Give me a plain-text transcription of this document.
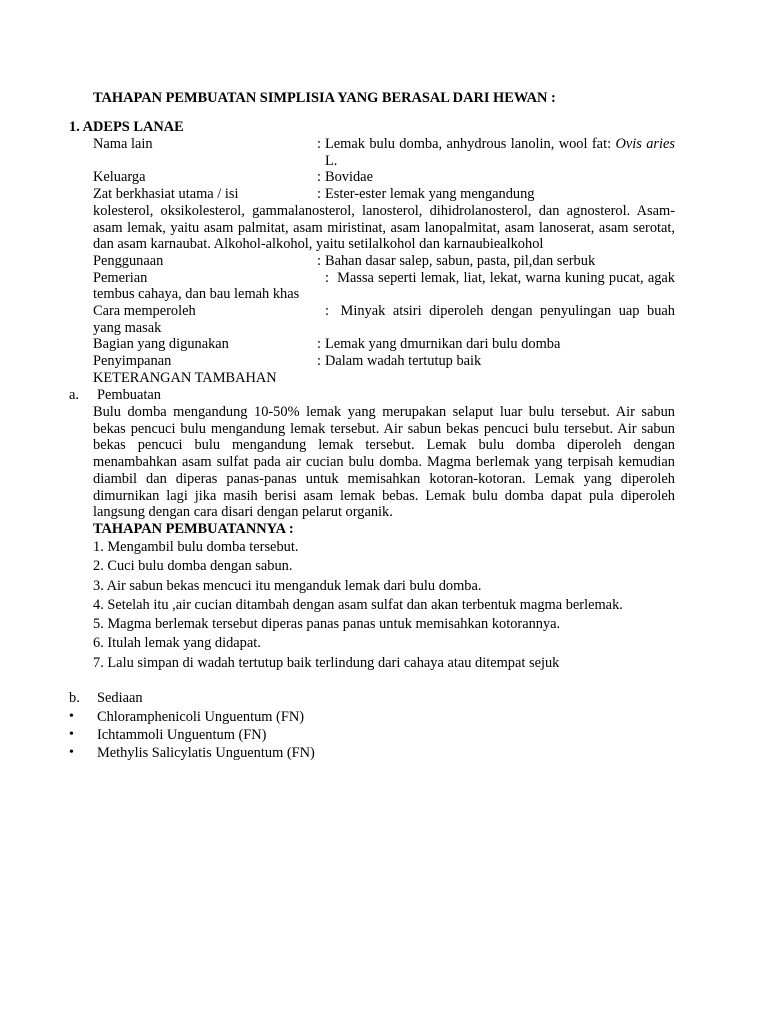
TAHAPAN PEMBUATAN SIMPLISIA YANG BERASAL DARI HEWAN :
1. ADEPS LANAE
Nama lain	: Lemak bulu domba, anhydrous lanolin, wool fat: Ovis aries L.
Keluarga	: Bovidae
Zat berkhasiat utama / isi	: Ester-ester lemak yang mengandung
kolesterol, oksikolesterol, gammalanosterol, lanosterol, dihidrolanosterol, dan agnosterol. Asam-asam lemak, yaitu asam palmitat, asam miristinat, asam lanopalmitat, asam lanoserat, asam serotat, dan asam karnaubat. Alkohol-alkohol, yaitu setilalkohol dan karnaubiealkohol
Penggunaan	: Bahan dasar salep, sabun, pasta, pil,dan serbuk
Pemerian	: Massa seperti lemak, liat, lekat, warna kuning pucat, agak tembus cahaya, dan bau lemah khas
Cara memperoleh	: Minyak atsiri diperoleh dengan penyulingan uap buah yang masak
Bagian yang digunakan	: Lemak yang dmurnikan dari bulu domba
Penyimpanan	: Dalam wadah tertutup baik
KETERANGAN TAMBAHAN
a. Pembuatan
Bulu domba mengandung 10-50% lemak yang merupakan selaput luar bulu tersebut. Air sabun bekas pencuci bulu mengandung lemak tersebut. Air sabun bekas pencuci bulu tersebut. Air sabun bekas pencuci bulu mengandung lemak tersebut. Lemak bulu domba diperoleh dengan menambahkan asam sulfat pada air cucian bulu domba. Magma berlemak yang terpisah kemudian diambil dan diperas panas-panas untuk memisahkan kotoran-kotoran. Lemak yang diperoleh dimurnikan lagi jika masih berisi asam lemak bebas. Lemak bulu domba dapat pula diperoleh langsung dengan cara disari dengan pelarut organik.
TAHAPAN PEMBUATANNYA :
1. Mengambil bulu domba tersebut.
2. Cuci bulu domba dengan sabun.
3. Air sabun bekas mencuci itu menganduk lemak dari bulu domba.
4. Setelah itu ,air cucian ditambah dengan asam sulfat dan akan terbentuk magma berlemak.
5. Magma berlemak tersebut diperas panas panas untuk memisahkan kotorannya.
6. Itulah lemak yang didapat.
7. Lalu simpan di wadah tertutup baik terlindung dari cahaya atau ditempat sejuk
b. Sediaan
• Chloramphenicoli Unguentum (FN)
• Ichtammoli Unguentum (FN)
• Methylis Salicylatis Unguentum (FN)
